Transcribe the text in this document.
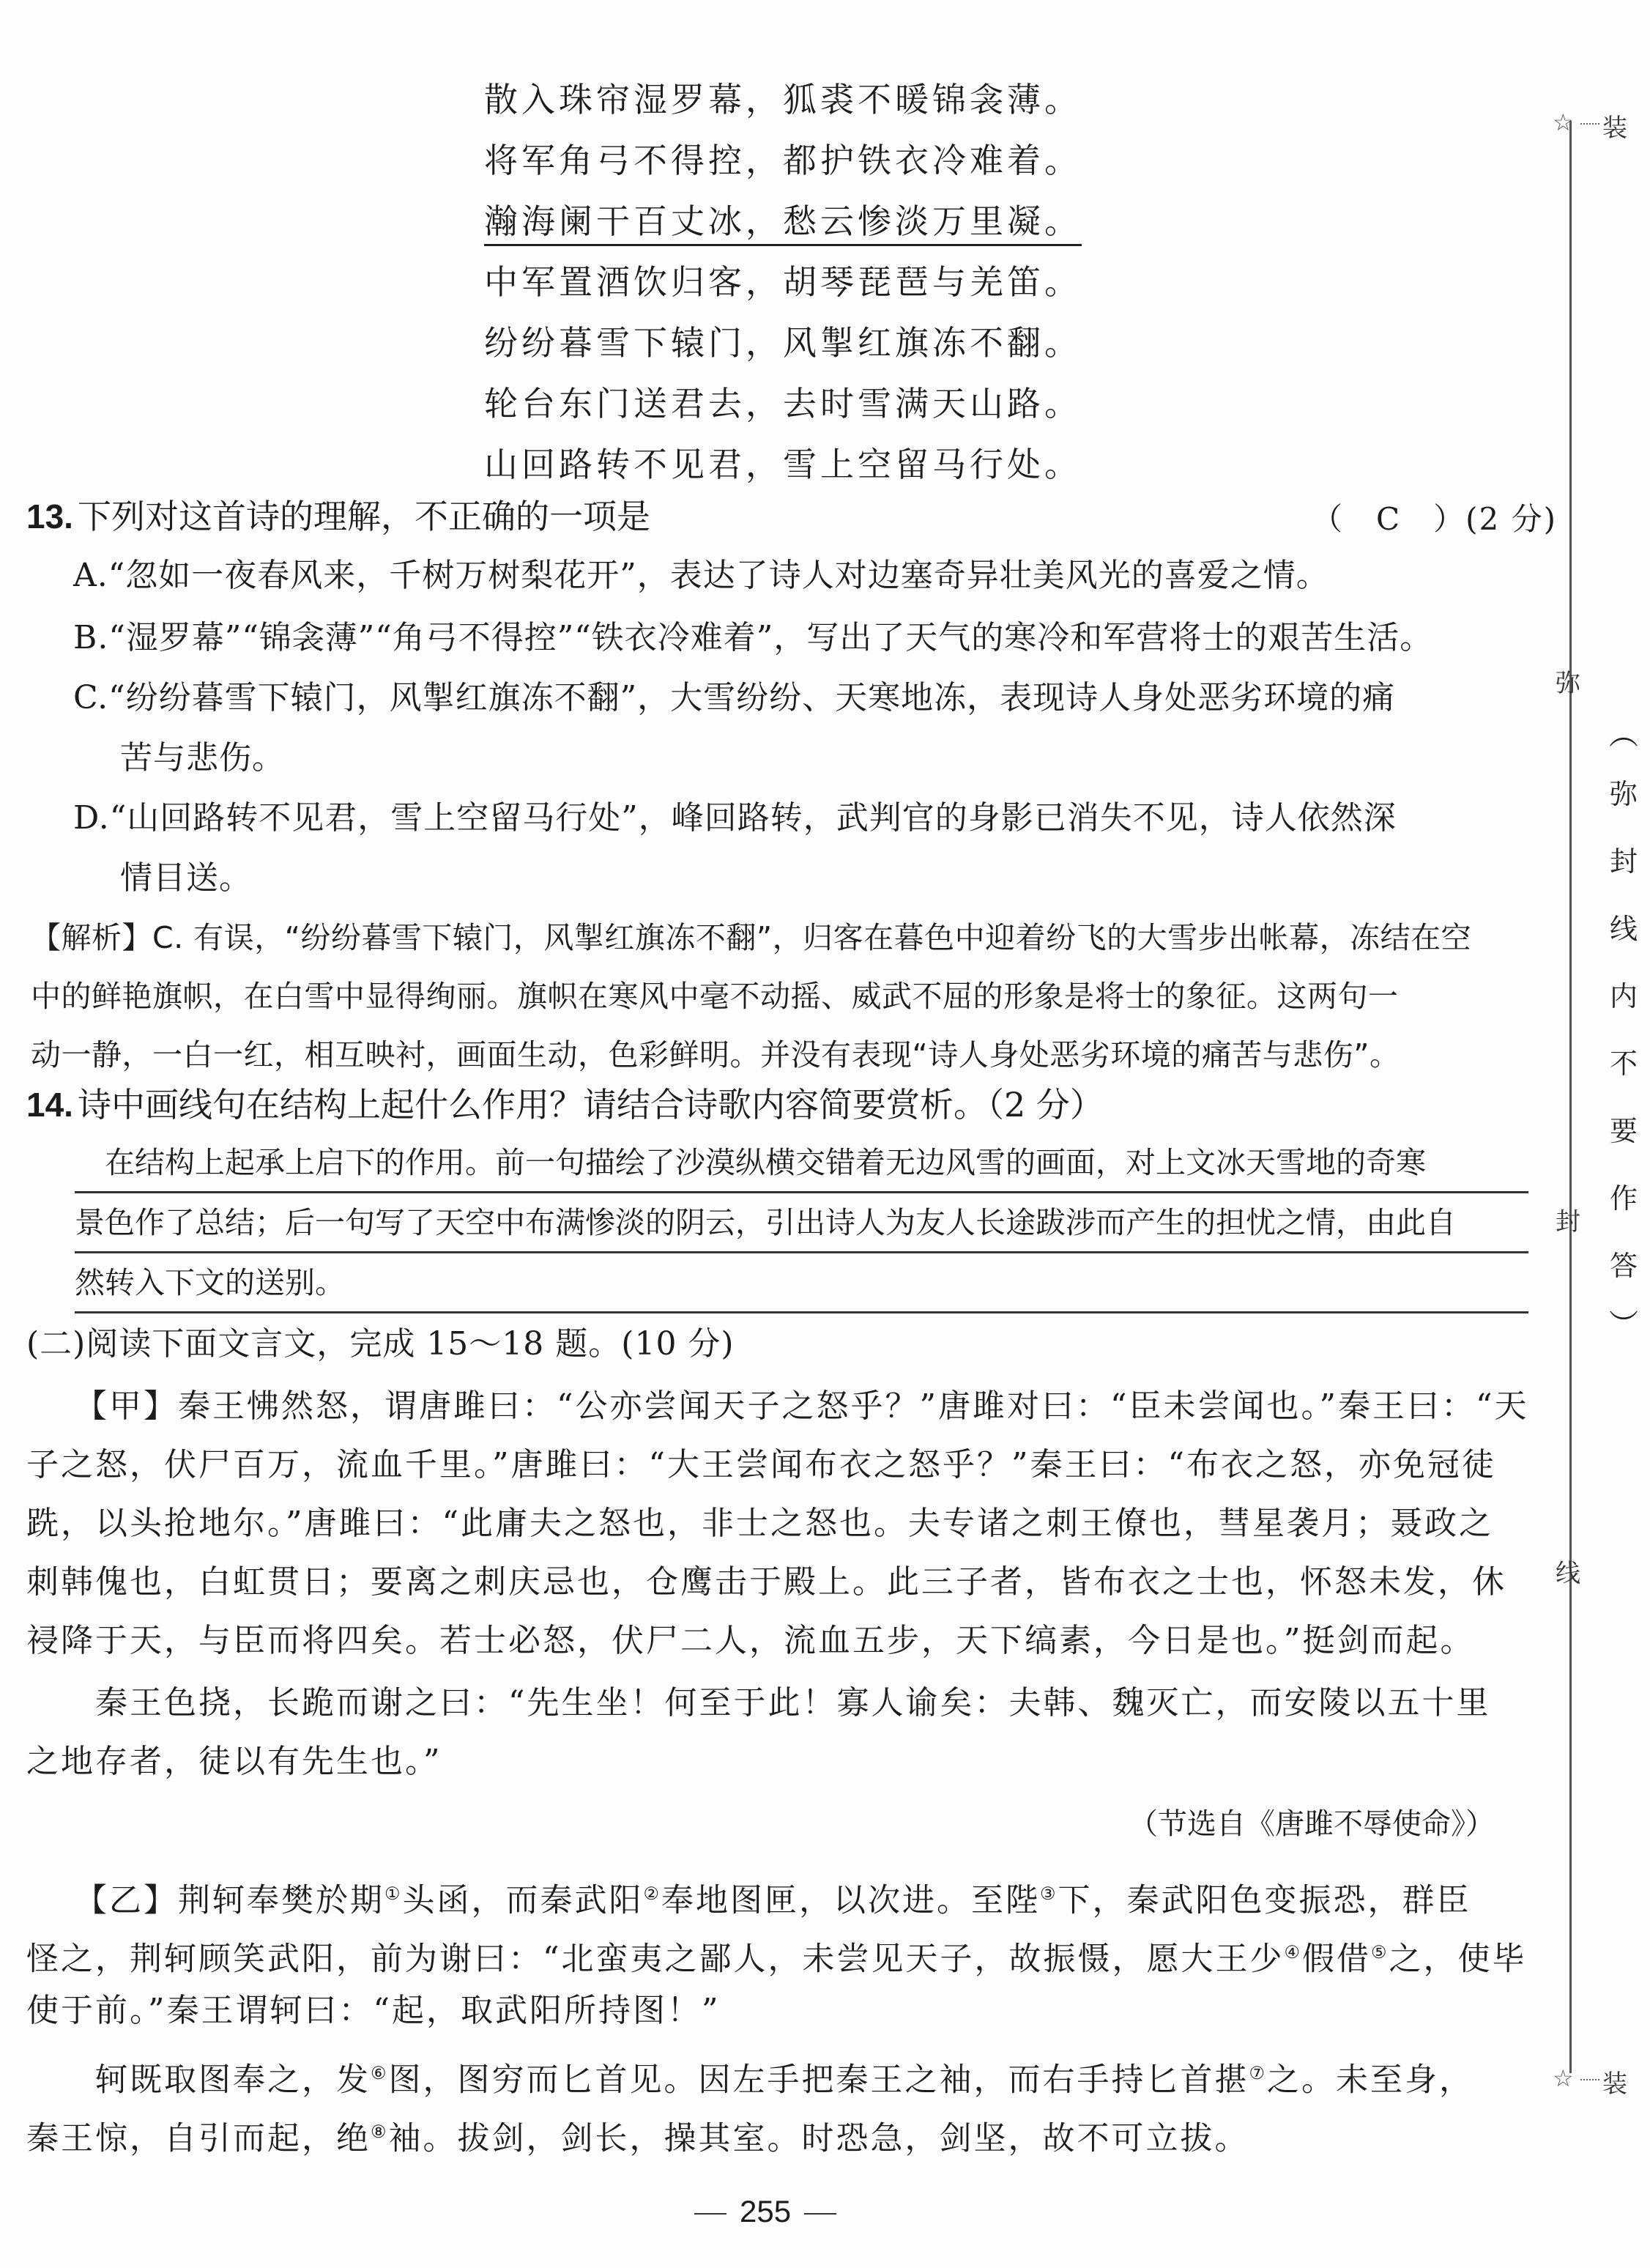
散入珠帘湿罗幕，狐裘不暖锦衾薄。
将军角弓不得控，都护铁衣冷难着。
瀚海阑干百丈冰，愁云惨淡万里凝。
中军置酒饮归客，胡琴琵琶与羌笛。
纷纷暮雪下辕门，风掣红旗冻不翻。
轮台东门送君去，去时雪满天山路。
山回路转不见君，雪上空留马行处。
13. 下列对这首诗的理解，不正确的一项是	（　C　）(2 分)
A.“忽如一夜春风来，千树万树梨花开”，表达了诗人对边塞奇异壮美风光的喜爱之情。
B.“湿罗幕”“锦衾薄”“角弓不得控”“铁衣冷难着”，写出了天气的寒冷和军营将士的艰苦生活。
C.“纷纷暮雪下辕门，风掣红旗冻不翻”，大雪纷纷、天寒地冻，表现诗人身处恶劣环境的痛
苦与悲伤。
D.“山回路转不见君，雪上空留马行处”，峰回路转，武判官的身影已消失不见，诗人依然深
情目送。
【解析】C. 有误，“纷纷暮雪下辕门，风掣红旗冻不翻”，归客在暮色中迎着纷飞的大雪步出帐幕，冻结在空
中的鲜艳旗帜，在白雪中显得绚丽。旗帜在寒风中毫不动摇、威武不屈的形象是将士的象征。这两句一
动一静，一白一红，相互映衬，画面生动，色彩鲜明。并没有表现“诗人身处恶劣环境的痛苦与悲伤”。
14. 诗中画线句在结构上起什么作用？请结合诗歌内容简要赏析。（2 分）
　在结构上起承上启下的作用。前一句描绘了沙漠纵横交错着无边风雪的画面，对上文冰天雪地的奇寒
景色作了总结；后一句写了天空中布满惨淡的阴云，引出诗人为友人长途跋涉而产生的担忧之情，由此自
然转入下文的送别。
(二)阅读下面文言文，完成 15～18 题。(10 分)
【甲】秦王怫然怒，谓唐雎曰：“公亦尝闻天子之怒乎？”唐雎对曰：“臣未尝闻也。”秦王曰：“天
子之怒，伏尸百万，流血千里。”唐雎曰：“大王尝闻布衣之怒乎？”秦王曰：“布衣之怒，亦免冠徒
跣，以头抢地尔。”唐雎曰：“此庸夫之怒也，非士之怒也。夫专诸之刺王僚也，彗星袭月；聂政之
刺韩傀也，白虹贯日；要离之刺庆忌也，仓鹰击于殿上。此三子者，皆布衣之士也，怀怒未发，休
祲降于天，与臣而将四矣。若士必怒，伏尸二人，流血五步，天下缟素，今日是也。”挺剑而起。
　　秦王色挠，长跪而谢之曰：“先生坐！何至于此！寡人谕矣：夫韩、魏灭亡，而安陵以五十里
之地存者，徒以有先生也。”
（节选自《唐雎不辱使命》）
【乙】荆轲奉樊於期①头函，而秦武阳②奉地图匣，以次进。至陛③下，秦武阳色变振恐，群臣
怪之，荆轲顾笑武阳，前为谢曰：“北蛮夷之鄙人，未尝见天子，故振慑，愿大王少④假借⑤之，使毕
使于前。”秦王谓轲曰：“起，取武阳所持图！”
　　轲既取图奉之，发⑥图，图穷而匕首见。因左手把秦王之袖，而右手持匕首揕⑦之。未至身，
秦王惊，自引而起，绝⑧袖。拔剑，剑长，操其室。时恐急，剑坚，故不可立拔。
255
☆ 装
弥
封
线
☆ 装
︵
弥
封
线
内
不
要
作
答
︶
